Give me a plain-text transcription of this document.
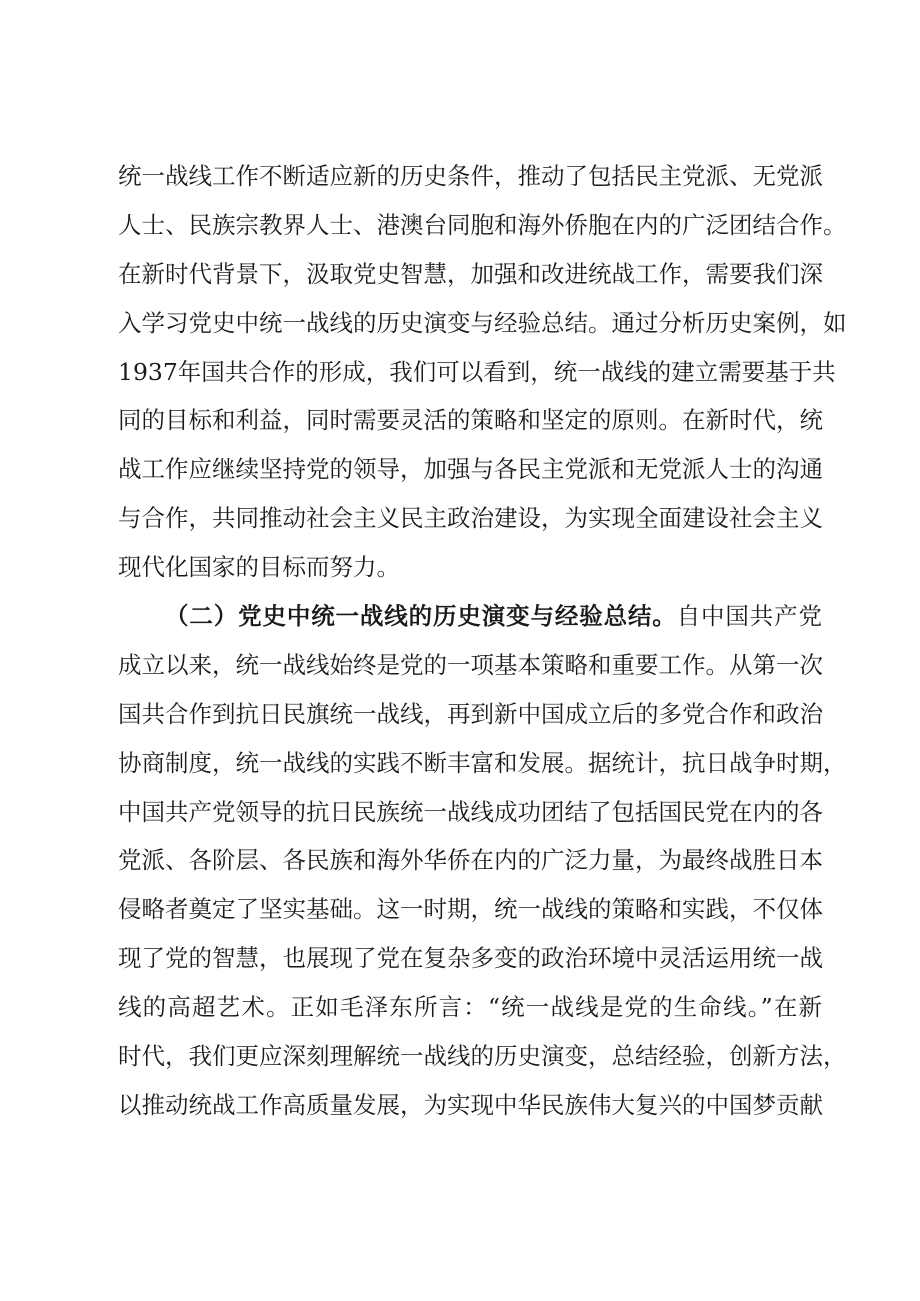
统一战线工作不断适应新的历史条件，推动了包括民主党派、无党派
人士、民族宗教界人士、港澳台同胞和海外侨胞在内的广泛团结合作。
在新时代背景下，汲取党史智慧，加强和改进统战工作，需要我们深
入学习党史中统一战线的历史演变与经验总结。通过分析历史案例，如
1937年国共合作的形成，我们可以看到，统一战线的建立需要基于共
同的目标和利益，同时需要灵活的策略和坚定的原则。在新时代，统
战工作应继续坚持党的领导，加强与各民主党派和无党派人士的沟通
与合作，共同推动社会主义民主政治建设，为实现全面建设社会主义
现代化国家的目标而努力。
（二）党史中统一战线的历史演变与经验总结。自中国共产党
成立以来，统一战线始终是党的一项基本策略和重要工作。从第一次
国共合作到抗日民旗统一战线，再到新中国成立后的多党合作和政治
协商制度，统一战线的实践不断丰富和发展。据统计，抗日战争时期，
中国共产党领导的抗日民族统一战线成功团结了包括国民党在内的各
党派、各阶层、各民族和海外华侨在内的广泛力量，为最终战胜日本
侵略者奠定了坚实基础。这一时期，统一战线的策略和实践，不仅体
现了党的智慧，也展现了党在复杂多变的政治环境中灵活运用统一战
线的高超艺术。正如毛泽东所言：“统一战线是党的生命线。”在新
时代，我们更应深刻理解统一战线的历史演变，总结经验，创新方法，
以推动统战工作高质量发展，为实现中华民族伟大复兴的中国梦贡献
